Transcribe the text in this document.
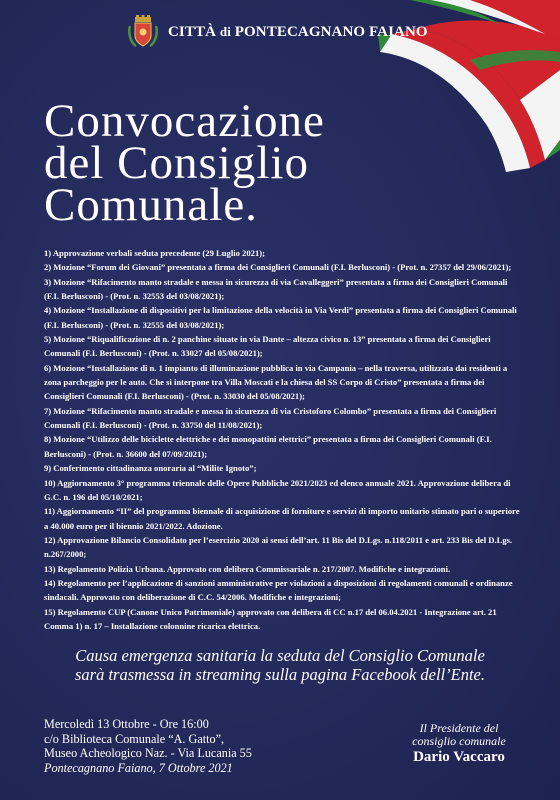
CITTÀ di PONTECAGNANO FAIANO
Convocazione
del Consiglio
Comunale.

1) Approvazione verbali seduta precedente (29 Luglio 2021);

2) Mozione “Forum dei Giovani” presentata a firma dei Consiglieri Comunali (F.I. Berlusconi) - (Prot. n. 27357 del 29/06/2021);

3) Mozione “Rifacimento manto stradale e messa in sicurezza di via Cavalleggeri” presentata a firma dei Consiglieri Comunali (F.I. Berlusconi) - (Prot. n. 32553 del 03/08/2021);

4) Mozione “Installazione di dispositivi per la limitazione della velocità in Via Verdi” presentata a firma dei Consiglieri Comunali (F.I. Berlusconi) - (Prot. n. 32555 del 03/08/2021);

5) Mozione “Riqualificazione di n. 2 panchine situate in via Dante – altezza civico n. 13” presentata a firma dei Consiglieri Comunali (F.I. Berlusconi) - (Prot. n. 33027 del 05/08/2021);

6) Mozione “Installazione di n. 1 impianto di illuminazione pubblica in via Campania – nella traversa, utilizzata dai residenti a zona parcheggio per le auto. Che si interpone tra Villa Moscati e la chiesa del SS Corpo di Cristo” presentata a firma dei Consiglieri Comunali (F.I. Berlusconi) - (Prot. n. 33030 del 05/08/2021);

7) Mozione “Rifacimento manto stradale e messa in sicurezza di via Cristoforo Colombo” presentata a firma dei Consiglieri Comunali (F.I. Berlusconi) - (Prot. n. 33750 del 11/08/2021);

8) Mozione “Utilizzo delle biciclette elettriche e dei monopattini elettrici” presentata a firma dei Consiglieri Comunali (F.I. Berlusconi) - (Prot. n. 36600 del 07/09/2021);

9) Conferimento cittadinanza onoraria al “Milite Ignoto”;

10) Aggiornamento 3° programma triennale delle Opere Pubbliche 2021/2023 ed elenco annuale 2021. Approvazione delibera di G.C. n. 196 del 05/10/2021;

11) Aggiornamento “II” del programma biennale di acquisizione di forniture e servizi di importo unitario stimato pari o superiore a 40.000 euro per il biennio 2021/2022. Adozione.

12) Approvazione Bilancio Consolidato per l’esercizio 2020 ai sensi dell’art. 11 Bis del D.Lgs. n.118/2011 e art. 233 Bis del D.Lgs. n.267/2000;

13) Regolamento Polizia Urbana. Approvato con delibera Commissariale n. 217/2007. Modifiche e integrazioni.

14) Regolamento per l’applicazione di sanzioni amministrative per violazioni a disposizioni di regolamenti comunali e ordinanze sindacali. Approvato con deliberazione di C.C. 54/2006. Modifiche e integrazioni;

15) Regolamento CUP (Canone Unico Patrimoniale) approvato con delibera di CC n.17 del 06.04.2021 - Integrazione art. 21 Comma 1) n. 17 – Installazione colonnine ricarica elettrica.

Causa emergenza sanitaria la seduta del Consiglio Comunale
sarà trasmessa in streaming sulla pagina Facebook dell’Ente.
Mercoledì 13 Ottobre - Ore 16:00
c/o Biblioteca Comunale “A. Gatto”,
Museo Acheologico Naz. - Via Lucania 55
Pontecagnano Faiano, 7 Ottobre 2021
Il Presidente del
consiglio comunale
Dario Vaccaro
